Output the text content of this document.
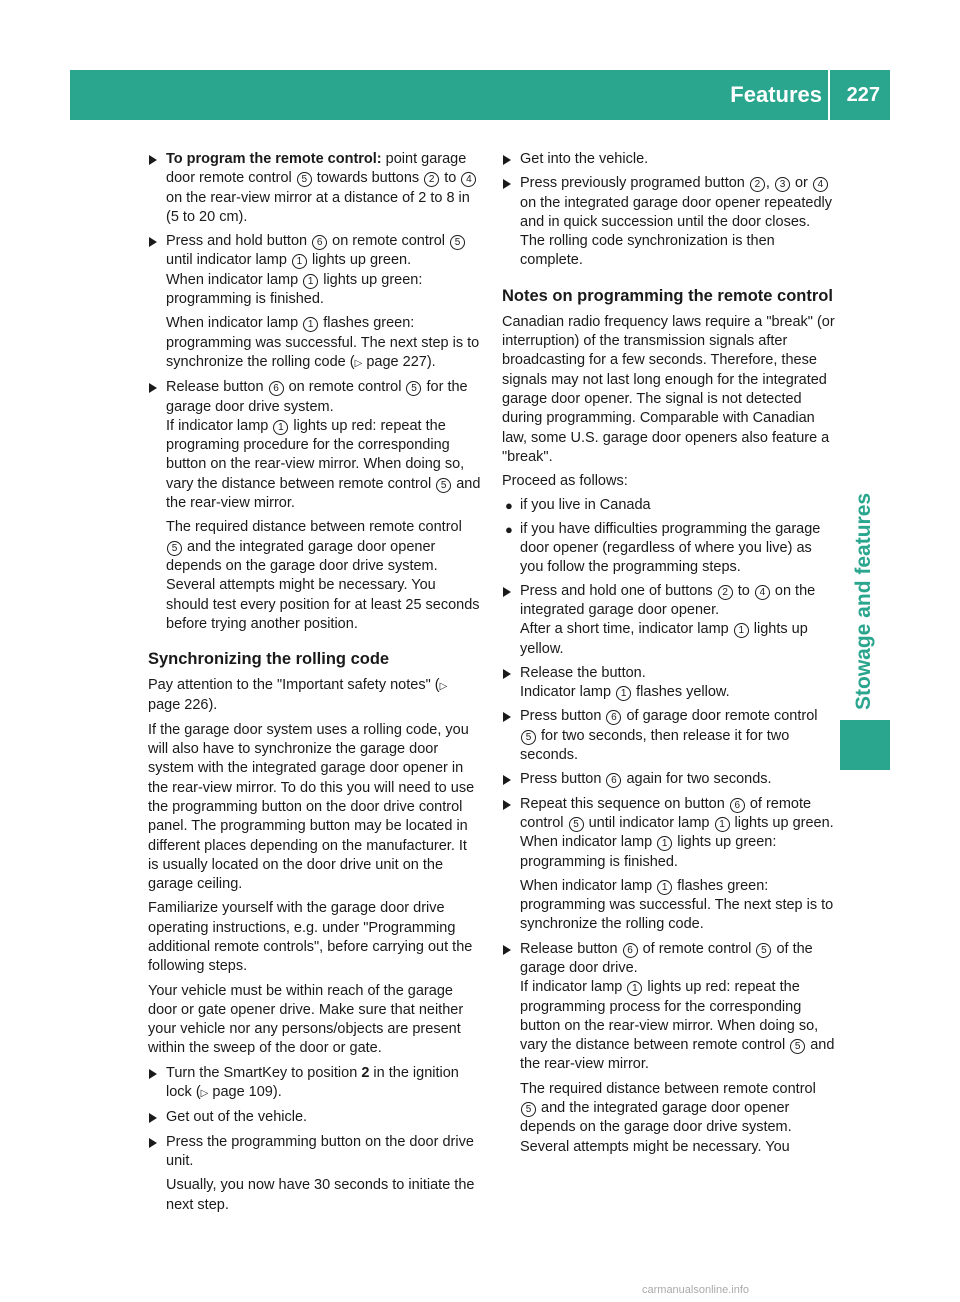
Features 227
Stowage and features
To program the remote control: point garage door remote control 5 towards buttons 2 to 4 on the rear-view mirror at a distance of 2 to 8 in (5 to 20 cm).
Press and hold button 6 on remote control 5 until indicator lamp 1 lights up green.
When indicator lamp 1 lights up green: programming is finished.
When indicator lamp 1 flashes green: programming was successful. The next step is to synchronize the rolling code (▷ page 227).
Release button 6 on remote control 5 for the garage door drive system.
If indicator lamp 1 lights up red: repeat the programing procedure for the corresponding button on the rear-view mirror. When doing so, vary the distance between remote control 5 and the rear-view mirror.
The required distance between remote control 5 and the integrated garage door opener depends on the garage door drive system. Several attempts might be necessary. You should test every position for at least 25 seconds before trying another position.
Synchronizing the rolling code

Pay attention to the "Important safety notes" (▷ page 226).

If the garage door system uses a rolling code, you will also have to synchronize the garage door system with the integrated garage door opener in the rear-view mirror. To do this you will need to use the programming button on the door drive control panel. The programming button may be located in different places depending on the manufacturer. It is usually located on the door drive unit on the garage ceiling.

Familiarize yourself with the garage door drive operating instructions, e.g. under "Programming additional remote controls", before carrying out the following steps.

Your vehicle must be within reach of the garage door or gate opener drive. Make sure that neither your vehicle nor any persons/objects are present within the sweep of the door or gate.

Turn the SmartKey to position 2 in the ignition lock (▷ page 109).
Get out of the vehicle.
Press the programming button on the door drive unit.
Usually, you now have 30 seconds to initiate the next step.
Get into the vehicle.
Press previously programed button 2 , 3 or 4 on the integrated garage door opener repeatedly and in quick succession until the door closes.
The rolling code synchronization is then complete.
Notes on programming the remote control

Canadian radio frequency laws require a "break" (or interruption) of the transmission signals after broadcasting for a few seconds. Therefore, these signals may not last long enough for the integrated garage door opener. The signal is not detected during programming. Comparable with Canadian law, some U.S. garage door openers also feature a "break".

Proceed as follows:

● if you live in Canada
● if you have difficulties programming the garage door opener (regardless of where you live) as you follow the programming steps.
Press and hold one of buttons 2 to 4 on the integrated garage door opener.
After a short time, indicator lamp 1 lights up yellow.
Release the button.
Indicator lamp 1 flashes yellow.
Press button 6 of garage door remote control 5 for two seconds, then release it for two seconds.
Press button 6 again for two seconds.
Repeat this sequence on button 6 of remote control 5 until indicator lamp 1 lights up green.
When indicator lamp 1 lights up green: programming is finished.
When indicator lamp 1 flashes green: programming was successful. The next step is to synchronize the rolling code.
Release button 6 of remote control 5 of the garage door drive.
If indicator lamp 1 lights up red: repeat the programming process for the corresponding button on the rear-view mirror. When doing so, vary the distance between remote control 5 and the rear-view mirror.
The required distance between remote control 5 and the integrated garage door opener depends on the garage door drive system. Several attempts might be necessary. You
carmanualsonline.info
